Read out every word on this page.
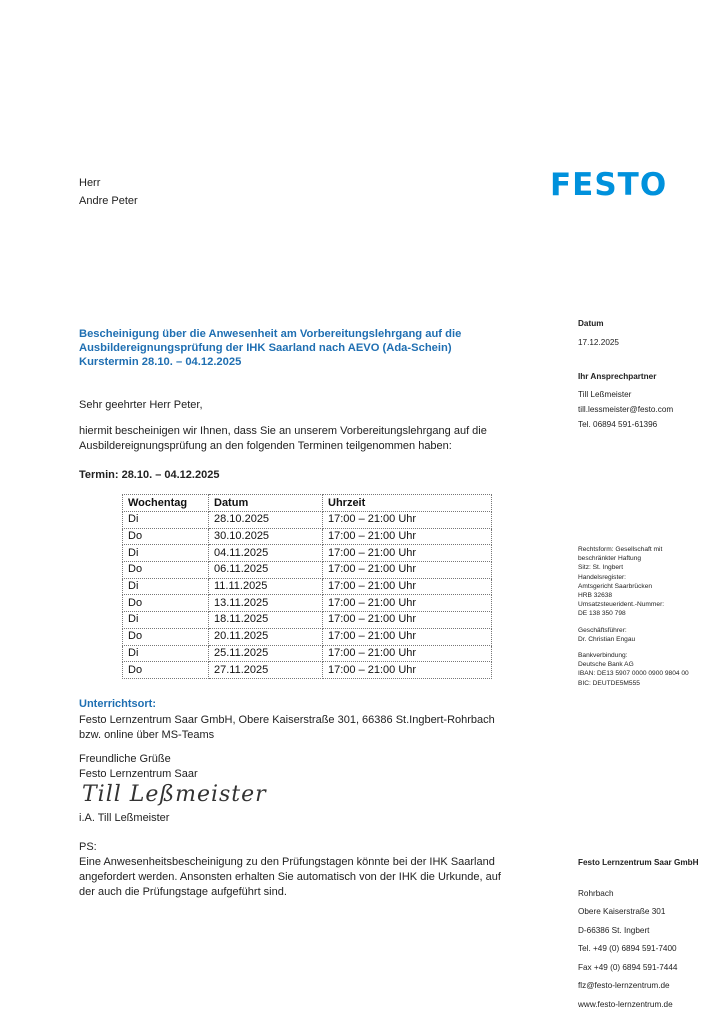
FESTO
Herr
Andre Peter
Bescheinigung über die Anwesenheit am Vorbereitungslehrgang auf die
Ausbildereignungsprüfung der IHK Saarland nach AEVO (Ada-Schein)
Kurstermin 28.10. – 04.12.2025
Sehr geehrter Herr Peter,
hiermit bescheinigen wir Ihnen, dass Sie an unserem Vorbereitungslehrgang auf die
Ausbildereignungsprüfung an den folgenden Terminen teilgenommen haben:
Termin: 28.10. – 04.12.2025
Wochentag	Datum	Uhrzeit
Di	28.10.2025	17:00 – 21:00 Uhr
Do	30.10.2025	17:00 – 21:00 Uhr
Di	04.11.2025	17:00 – 21:00 Uhr
Do	06.11.2025	17:00 – 21:00 Uhr
Di	11.11.2025	17:00 – 21:00 Uhr
Do	13.11.2025	17:00 – 21:00 Uhr
Di	18.11.2025	17:00 – 21:00 Uhr
Do	20.11.2025	17:00 – 21:00 Uhr
Di	25.11.2025	17:00 – 21:00 Uhr
Do	27.11.2025	17:00 – 21:00 Uhr
Unterrichtsort:
Festo Lernzentrum Saar GmbH, Obere Kaiserstraße 301, 66386 St.Ingbert-Rohrbach
bzw. online über MS-Teams
Freundliche Grüße
Festo Lernzentrum Saar
Till Leßmeister
i.A. Till Leßmeister
PS:
Eine Anwesenheitsbescheinigung zu den Prüfungstagen könnte bei der IHK Saarland
angefordert werden. Ansonsten erhalten Sie automatisch von der IHK die Urkunde, auf
der auch die Prüfungstage aufgeführt sind.
Datum
17.12.2025
Ihr Ansprechpartner
Till Leßmeister
till.lessmeister@festo.com
Tel. 06894 591-61396

Rechtsform: Gesellschaft mit
beschränkter Haftung
Sitz: St. Ingbert
Handelsregister:
Amtsgericht Saarbrücken
HRB 32638
Umsatzsteuerident.-Nummer:
DE 138 350 798

Geschäftsführer:
Dr. Christian Engau

Bankverbindung:
Deutsche Bank AG
IBAN: DE13 5907 0000 0900 9804 00
BIC: DEUTDE5M555

Festo Lernzentrum Saar GmbH
Rohrbach
Obere Kaiserstraße 301
D-66386 St. Ingbert
Tel. +49 (0) 6894 591-7400
Fax +49 (0) 6894 591-7444
flz@festo-lernzentrum.de
www.festo-lernzentrum.de
